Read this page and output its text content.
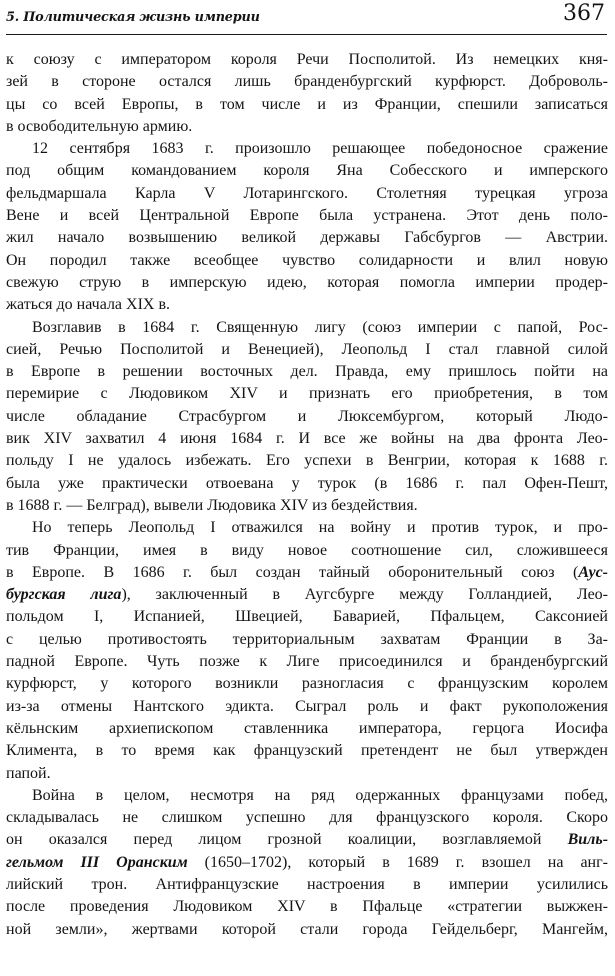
5. Политическая жизнь империи	367
к союзу с императором короля Речи Посполитой. Из немецких кня-
зей в стороне остался лишь бранденбургский курфюрст. Доброволь-
цы со всей Европы, в том числе и из Франции, спешили записаться
в освободительную армию.
12 сентября 1683 г. произошло решающее победоносное сражение
под общим командованием короля Яна Собесского и имперского
фельдмаршала Карла V Лотарингского. Столетняя турецкая угроза
Вене и всей Центральной Европе была устранена. Этот день поло-
жил начало возвышению великой державы Габсбургов — Австрии.
Он породил также всеобщее чувство солидарности и влил новую
свежую струю в имперскую идею, которая помогла империи продер-
жаться до начала XIX в.
Возглавив в 1684 г. Священную лигу (союз империи с папой, Рос-
сией, Речью Посполитой и Венецией), Леопольд I стал главной силой
в Европе в решении восточных дел. Правда, ему пришлось пойти на
перемирие с Людовиком XIV и признать его приобретения, в том
числе обладание Страсбургом и Люксембургом, который Людо-
вик XIV захватил 4 июня 1684 г. И все же войны на два фронта Лео-
польду I не удалось избежать. Его успехи в Венгрии, которая к 1688 г.
была уже практически отвоевана у турок (в 1686 г. пал Офен-Пешт,
в 1688 г. — Белград), вывели Людовика XIV из бездействия.
Но теперь Леопольд I отважился на войну и против турок, и про-
тив Франции, имея в виду новое соотношение сил, сложившееся
в Европе. В 1686 г. был создан тайный оборонительный союз (Аус-
бургская лига), заключенный в Аугсбурге между Голландией, Лео-
польдом I, Испанией, Швецией, Баварией, Пфальцем, Саксонией
с целью противостоять территориальным захватам Франции в За-
падной Европе. Чуть позже к Лиге присоединился и бранденбургский
курфюрст, у которого возникли разногласия с французским королем
из-за отмены Нантского эдикта. Сыграл роль и факт рукоположения
кёльнским архиепископом ставленника императора, герцога Иосифа
Климента, в то время как французский претендент не был утвержден
папой.
Война в целом, несмотря на ряд одержанных французами побед,
складывалась не слишком успешно для французского короля. Скоро
он оказался перед лицом грозной коалиции, возглавляемой Виль-
гельмом III Оранским (1650–1702), который в 1689 г. взошел на анг-
лийский трон. Антифранцузские настроения в империи усилились
после проведения Людовиком XIV в Пфальце «стратегии выжжен-
ной земли», жертвами которой стали города Гейдельберг, Мангейм,
